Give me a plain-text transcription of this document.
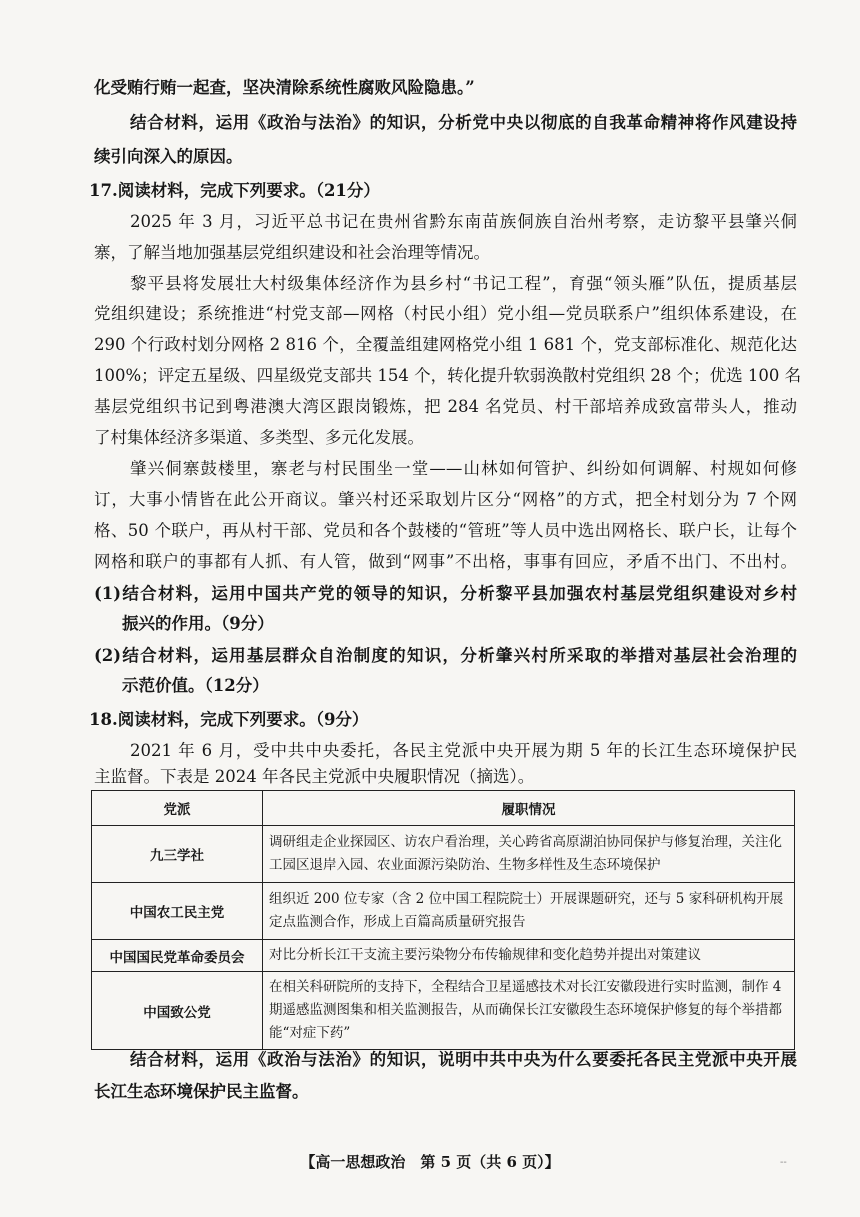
化受贿行贿一起查，坚决清除系统性腐败风险隐患。”
结合材料，运用《政治与法治》的知识，分析党中央以彻底的自我革命精神将作风建设持
续引向深入的原因。
17.阅读材料，完成下列要求。（21分）
2025 年 3 月，习近平总书记在贵州省黔东南苗族侗族自治州考察，走访黎平县肇兴侗
寨，了解当地加强基层党组织建设和社会治理等情况。
黎平县将发展壮大村级集体经济作为县乡村“书记工程”，育强“领头雁”队伍，提质基层
党组织建设；系统推进“村党支部—网格（村民小组）党小组—党员联系户”组织体系建设，在
290 个行政村划分网格 2 816 个，全覆盖组建网格党小组 1 681 个，党支部标准化、规范化达
100%；评定五星级、四星级党支部共 154 个，转化提升软弱涣散村党组织 28 个；优选 100 名
基层党组织书记到粤港澳大湾区跟岗锻炼，把 284 名党员、村干部培养成致富带头人，推动
了村集体经济多渠道、多类型、多元化发展。
肇兴侗寨鼓楼里，寨老与村民围坐一堂——山林如何管护、纠纷如何调解、村规如何修
订，大事小情皆在此公开商议。肇兴村还采取划片区分“网格”的方式，把全村划分为 7 个网
格、50 个联户，再从村干部、党员和各个鼓楼的“管班”等人员中选出网格长、联户长，让每个
网格和联户的事都有人抓、有人管，做到“网事”不出格，事事有回应，矛盾不出门、不出村。
(1)结合材料，运用中国共产党的领导的知识，分析黎平县加强农村基层党组织建设对乡村
振兴的作用。（9分）
(2)结合材料，运用基层群众自治制度的知识，分析肇兴村所采取的举措对基层社会治理的
示范价值。（12分）
18.阅读材料，完成下列要求。（9分）
2021 年 6 月，受中共中央委托，各民主党派中央开展为期 5 年的长江生态环境保护民
主监督。下表是 2024 年各民主党派中央履职情况（摘选）。
党派	履职情况
九三学社	调研组走企业探园区、访农户看治理，关心跨省高原湖泊协同保护与修复治理，关注化工园区退岸入园、农业面源污染防治、生物多样性及生态环境保护
中国农工民主党	组织近 200 位专家（含 2 位中国工程院院士）开展课题研究，还与 5 家科研机构开展定点监测合作，形成上百篇高质量研究报告
中国国民党革命委员会	对比分析长江干支流主要污染物分布传输规律和变化趋势并提出对策建议
中国致公党	在相关科研院所的支持下，全程结合卫星遥感技术对长江安徽段进行实时监测，制作 4 期遥感监测图集和相关监测报告，从而确保长江安徽段生态环境保护修复的每个举措都能“对症下药”
结合材料，运用《政治与法治》的知识，说明中共中央为什么要委托各民主党派中央开展
长江生态环境保护民主监督。
【高一思想政治　第 5 页（共 6 页）】	--
